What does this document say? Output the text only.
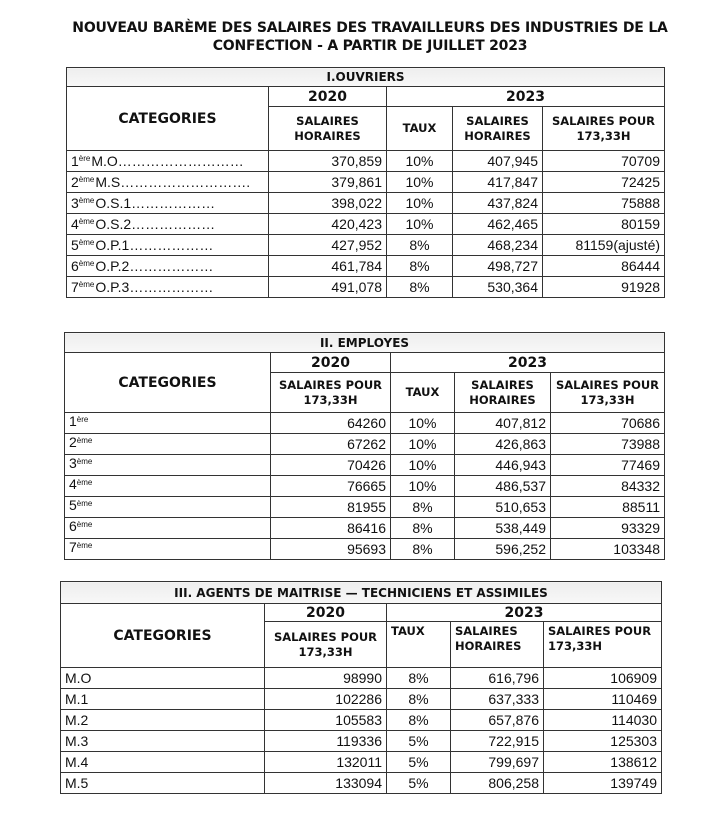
NOUVEAU BARÈME DES SALAIRES DES TRAVAILLEURS DES INDUSTRIES DE LA
CONFECTION - A PARTIR DE JUILLET 2023
I.OUVRIERS				
CATEGORIES	2020	2023		
	SALAIRES HORAIRES	TAUX	SALAIRES HORAIRES	SALAIRES POUR 173,33H
1èreM.O………………………	370,859	10%	407,945	70709
2èmeM.S……………………….	379,861	10%	417,847	72425
3èmeO.S.1………………	398,022	10%	437,824	75888
4èmeO.S.2………………	420,423	10%	462,465	80159
5èmeO.P.1………………	427,952	8%	468,234	81159(ajusté)
6èmeO.P.2………………	461,784	8%	498,727	86444
7èmeO.P.3………………	491,078	8%	530,364	91928
II. EMPLOYES				
CATEGORIES	2020	2023		
	SALAIRES POUR 173,33H	TAUX	SALAIRES HORAIRES	SALAIRES POUR 173,33H
1ère	64260	10%	407,812	70686
2ème	67262	10%	426,863	73988
3ème	70426	10%	446,943	77469
4ème	76665	10%	486,537	84332
5ème	81955	8%	510,653	88511
6ème	86416	8%	538,449	93329
7ème	95693	8%	596,252	103348
III. AGENTS DE MAITRISE — TECHNICIENS ET ASSIMILES				
CATEGORIES	2020	2023		
	SALAIRES POUR 173,33H	TAUX	SALAIRES HORAIRES	SALAIRES POUR 173,33H
M.O	98990	8%	616,796	106909
M.1	102286	8%	637,333	110469
M.2	105583	8%	657,876	114030
M.3	119336	5%	722,915	125303
M.4	132011	5%	799,697	138612
M.5	133094	5%	806,258	139749
